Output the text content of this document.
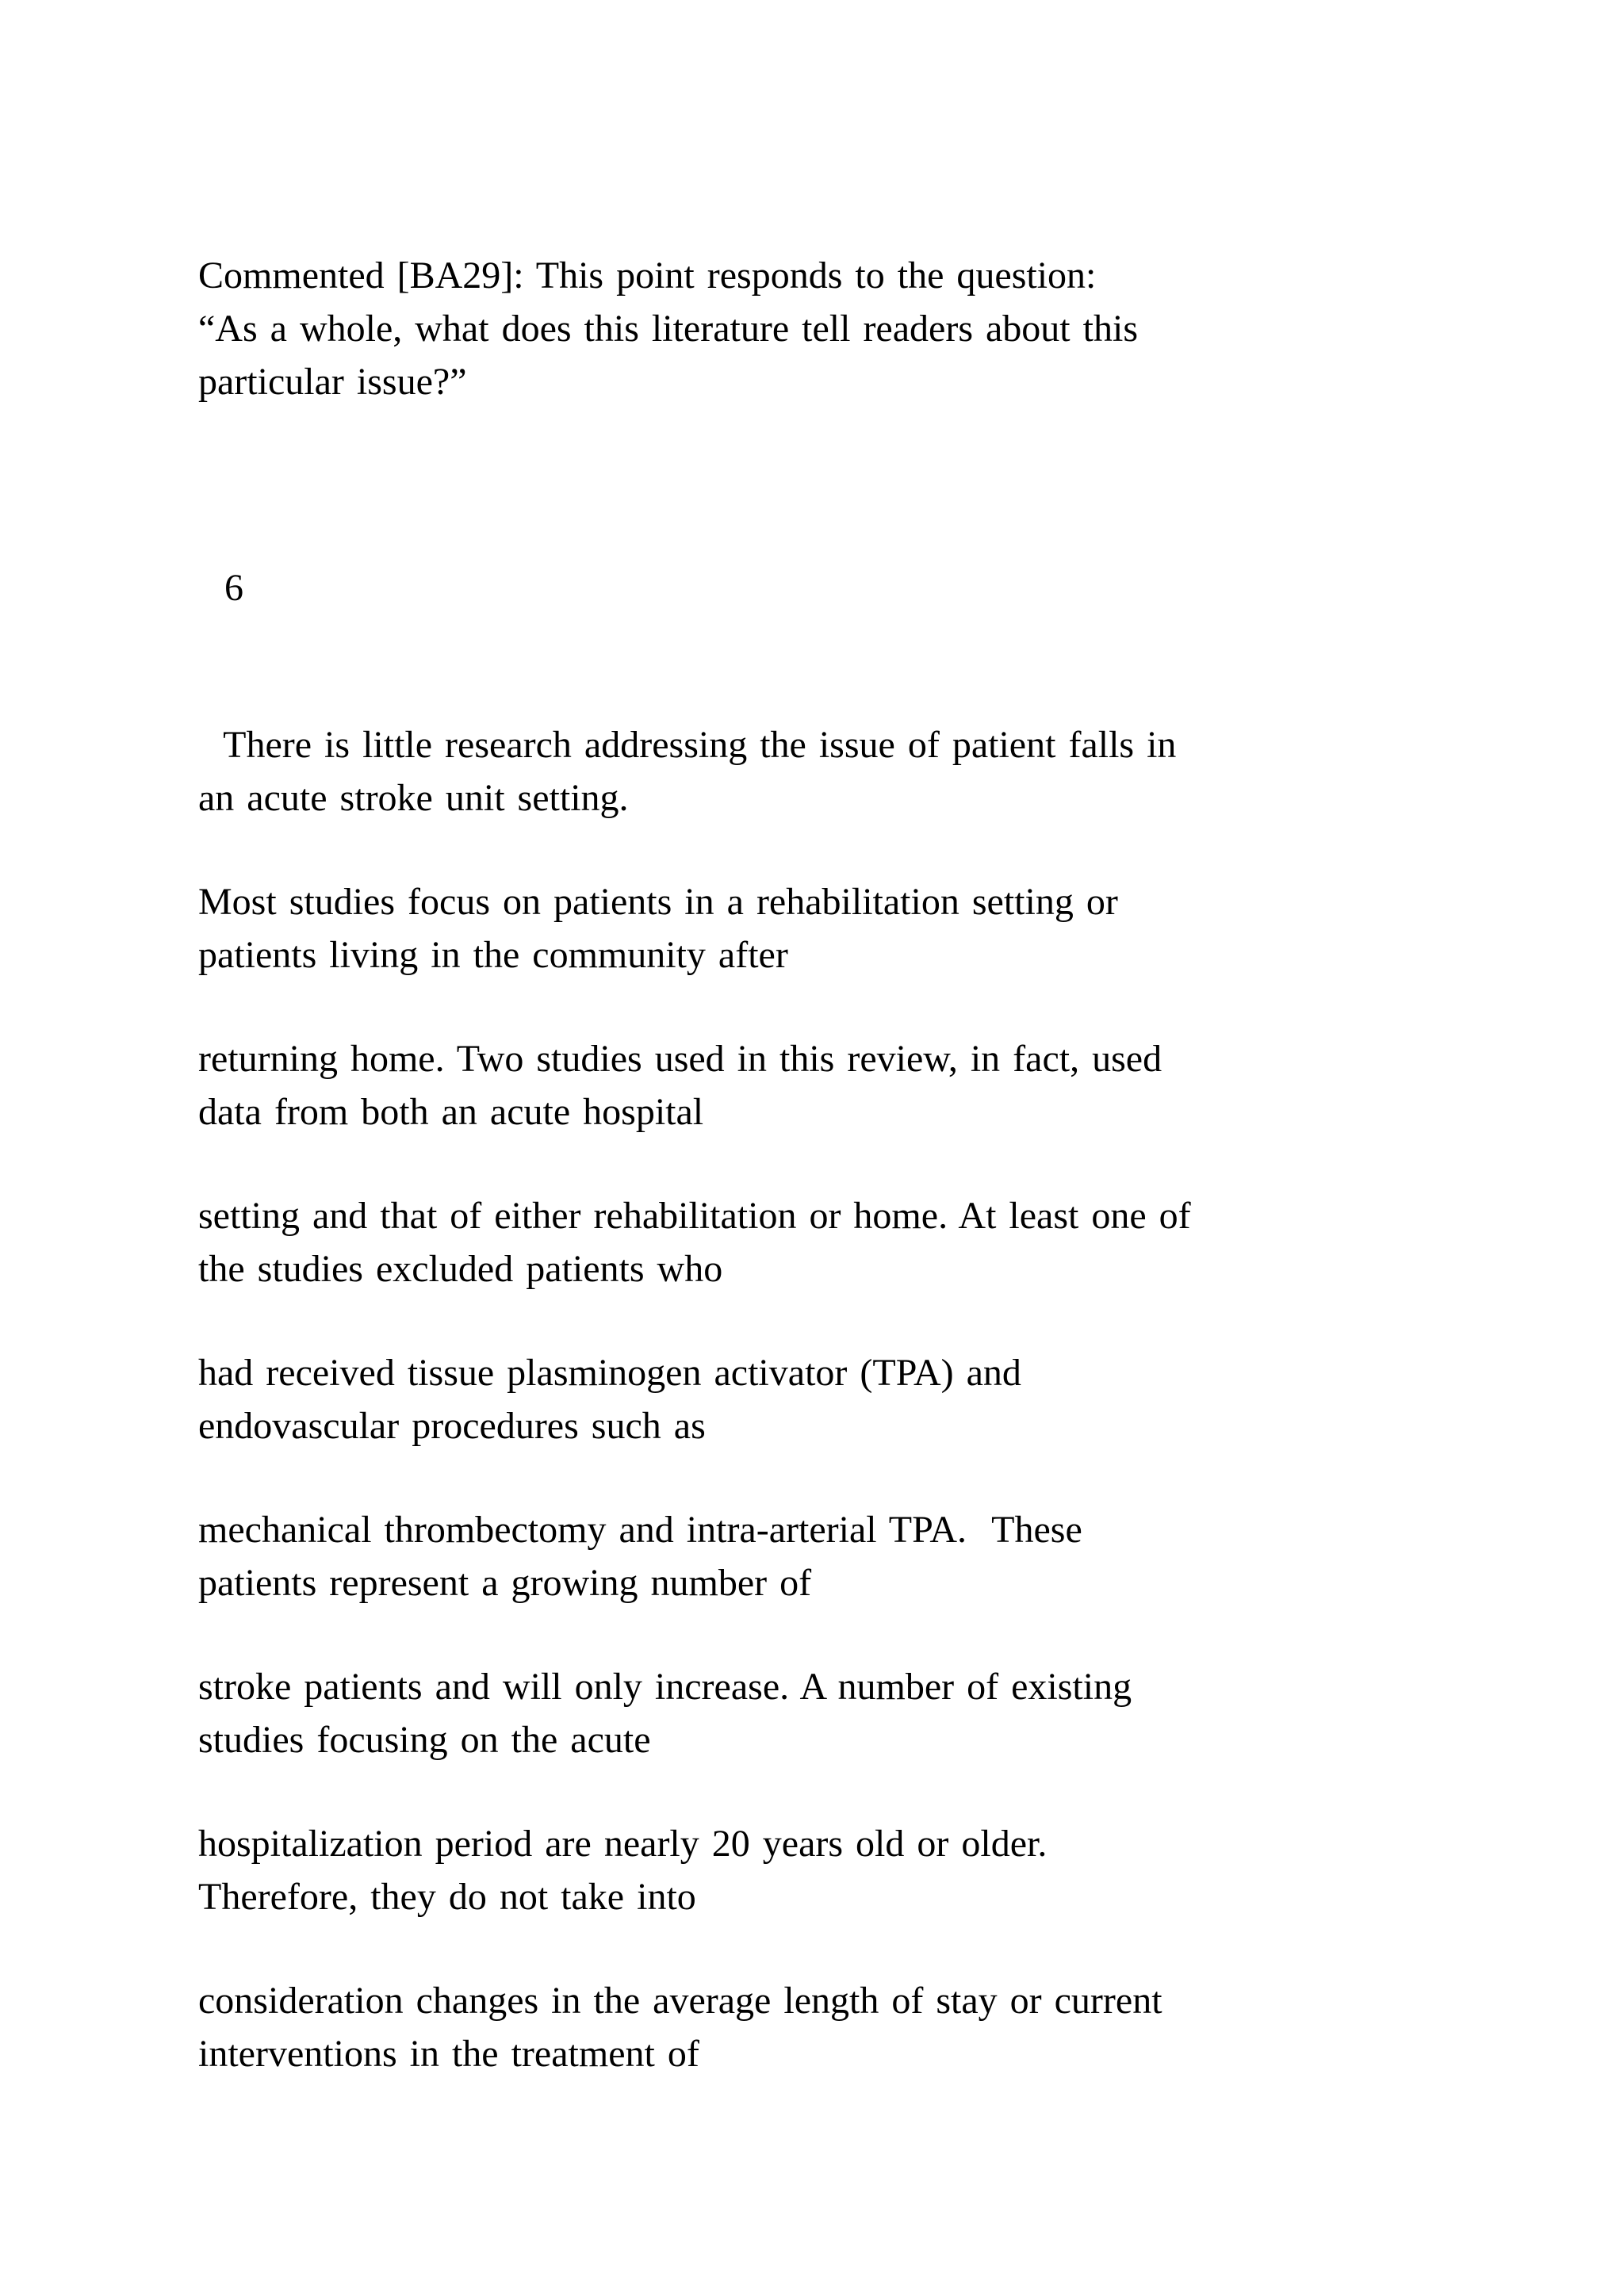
Commented [BA29]: This point responds to the question:
“As a whole, what does this literature tell readers about this
particular issue?”
6
There is little research addressing the issue of patient falls in
an acute stroke unit setting.
Most studies focus on patients in a rehabilitation setting or
patients living in the community after
returning home. Two studies used in this review, in fact, used
data from both an acute hospital
setting and that of either rehabilitation or home. At least one of
the studies excluded patients who
had received tissue plasminogen activator (TPA) and
endovascular procedures such as
mechanical thrombectomy and intra-arterial TPA.  These
patients represent a growing number of
stroke patients and will only increase. A number of existing
studies focusing on the acute
hospitalization period are nearly 20 years old or older.
Therefore, they do not take into
consideration changes in the average length of stay or current
interventions in the treatment of
